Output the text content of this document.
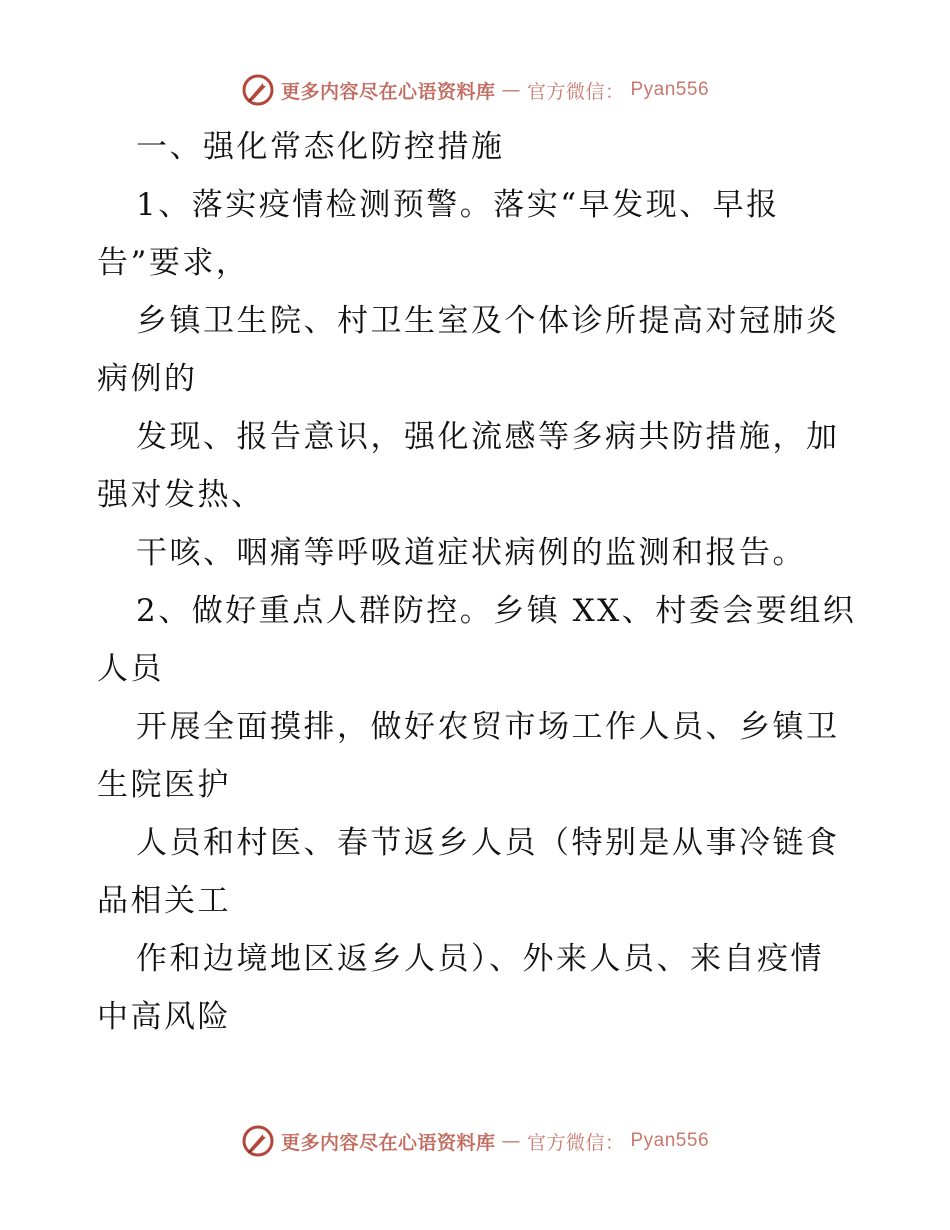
更多内容尽在心语资料库 — 官方微信： Pyan556
一、强化常态化防控措施
1、落实疫情检测预警。落实“早发现、早报
告”要求，
乡镇卫生院、村卫生室及个体诊所提高对冠肺炎
病例的
发现、报告意识，强化流感等多病共防措施，加
强对发热、
干咳、咽痛等呼吸道症状病例的监测和报告。
2、做好重点人群防控。乡镇 XX、村委会要组织
人员
开展全面摸排，做好农贸市场工作人员、乡镇卫
生院医护
人员和村医、春节返乡人员（特别是从事冷链食
品相关工
作和边境地区返乡人员）、外来人员、来自疫情
中高风险
更多内容尽在心语资料库 — 官方微信： Pyan556
